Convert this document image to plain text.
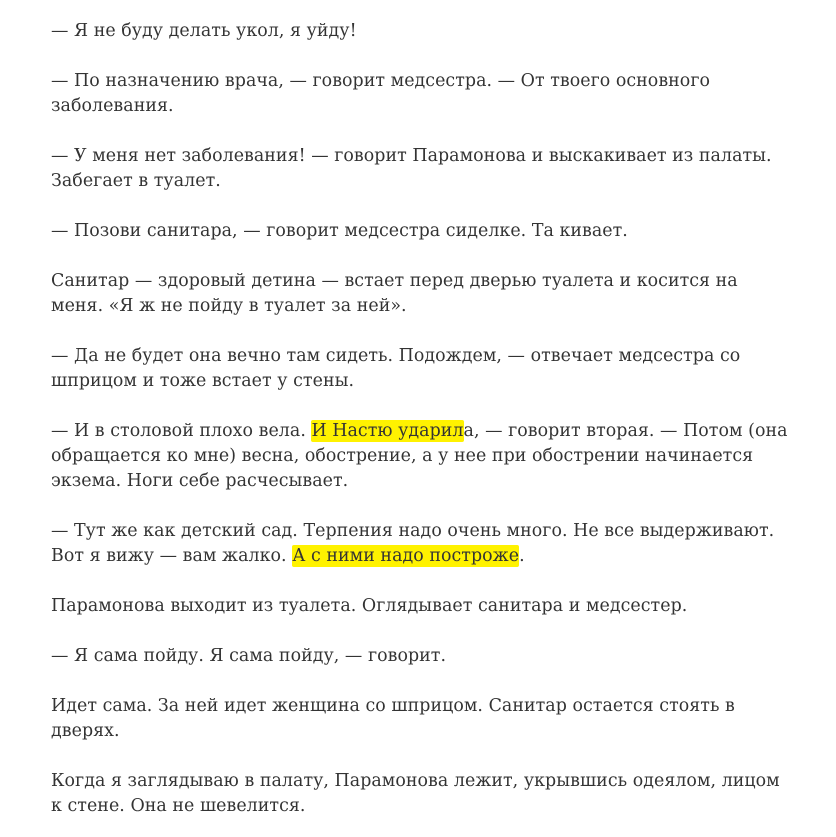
— Я не буду делать укол, я уйду!

— По назначению врача, — говорит медсестра. — От твоего основного заболевания.

— У меня нет заболевания! — говорит Парамонова и выскакивает из палаты. Забегает в туалет.

— Позови санитара, — говорит медсестра сиделке. Та кивает.

Санитар — здоровый детина — встает перед дверью туалета и косится на меня. «Я ж не пойду в туалет за ней».

— Да не будет она вечно там сидеть. Подождем, — отвечает медсестра со шприцом и тоже встает у стены.

— И в столовой плохо вела. И Настю ударила, — говорит вторая. — Потом (она обращается ко мне) весна, обострение, а у нее при обострении начинается экзема. Ноги себе расчесывает.

— Тут же как детский сад. Терпения надо очень много. Не все выдерживают. Вот я вижу — вам жалко. А с ними надо построже.

Парамонова выходит из туалета. Оглядывает санитара и медсестер.

— Я сама пойду. Я сама пойду, — говорит.

Идет сама. За ней идет женщина со шприцом. Санитар остается стоять в дверях.

Когда я заглядываю в палату, Парамонова лежит, укрывшись одеялом, лицом к стене. Она не шевелится.
